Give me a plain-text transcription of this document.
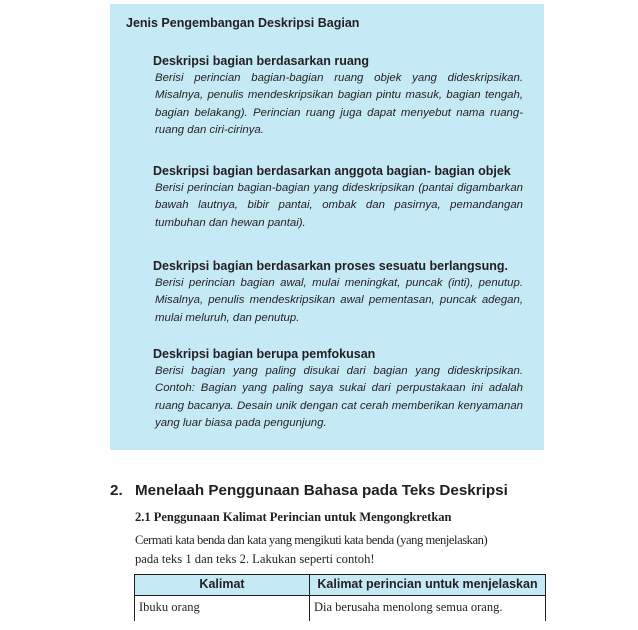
Jenis Pengembangan Deskripsi Bagian
Deskripsi bagian berdasarkan ruang
Berisi perincian bagian-bagian ruang objek yang dideskripsikan. Misalnya, penulis mendeskripsikan bagian pintu masuk, bagian tengah, bagian belakang). Perincian ruang juga dapat menyebut nama ruang-ruang dan ciri-cirinya.
Deskripsi bagian berdasarkan anggota bagian- bagian objek
Berisi perincian bagian-bagian yang dideskripsikan (pantai digambarkan bawah lautnya, bibir pantai, ombak dan pasirnya, pemandangan tumbuhan dan hewan pantai).
Deskripsi bagian berdasarkan proses sesuatu berlangsung.
Berisi perincian bagian awal, mulai meningkat, puncak (inti), penutup. Misalnya, penulis mendeskripsikan awal pementasan, puncak adegan, mulai meluruh, dan penutup.
Deskripsi bagian berupa pemfokusan
Berisi bagian yang paling disukai dari bagian yang dideskripsikan. Contoh: Bagian yang paling saya sukai dari perpustakaan ini adalah ruang bacanya. Desain unik dengan cat cerah memberikan kenyamanan yang luar biasa pada pengunjung.
2. Menelaah Penggunaan Bahasa pada Teks Deskripsi
2.1 Penggunaan Kalimat Perincian untuk Mengongkretkan
Cermati kata benda dan kata yang mengikuti kata benda (yang menjelaskan)
pada teks 1 dan teks 2. Lakukan seperti contoh!
Kalimat	Kalimat perincian untuk menjelaskan
Ibuku orang	Dia berusaha menolong semua orang.
